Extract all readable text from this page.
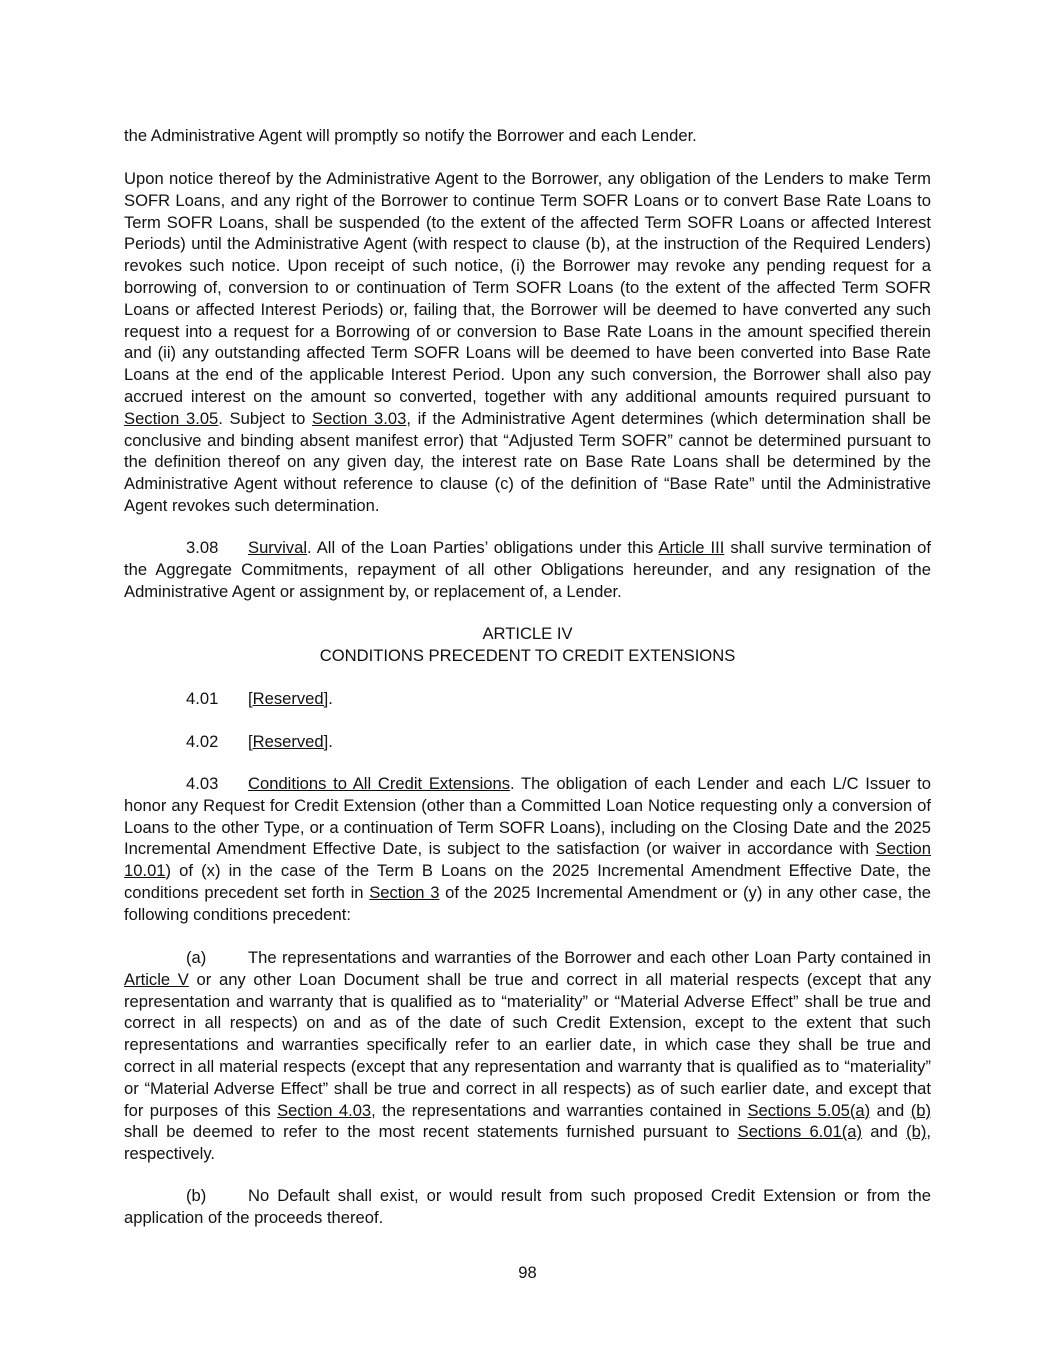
the Administrative Agent will promptly so notify the Borrower and each Lender.

Upon notice thereof by the Administrative Agent to the Borrower, any obligation of the Lenders to make Term SOFR Loans, and any right of the Borrower to continue Term SOFR Loans or to convert Base Rate Loans to Term SOFR Loans, shall be suspended (to the extent of the affected Term SOFR Loans or affected Interest Periods) until the Administrative Agent (with respect to clause (b), at the instruction of the Required Lenders) revokes such notice. Upon receipt of such notice, (i) the Borrower may revoke any pending request for a borrowing of, conversion to or continuation of Term SOFR Loans (to the extent of the affected Term SOFR Loans or affected Interest Periods) or, failing that, the Borrower will be deemed to have converted any such request into a request for a Borrowing of or conversion to Base Rate Loans in the amount specified therein and (ii) any outstanding affected Term SOFR Loans will be deemed to have been converted into Base Rate Loans at the end of the applicable Interest Period. Upon any such conversion, the Borrower shall also pay accrued interest on the amount so converted, together with any additional amounts required pursuant to Section 3.05. Subject to Section 3.03, if the Administrative Agent determines (which determination shall be conclusive and binding absent manifest error) that “Adjusted Term SOFR” cannot be determined pursuant to the definition thereof on any given day, the interest rate on Base Rate Loans shall be determined by the Administrative Agent without reference to clause (c) of the definition of “Base Rate” until the Administrative Agent revokes such determination.

3.08 Survival. All of the Loan Parties’ obligations under this Article III shall survive termination of the Aggregate Commitments, repayment of all other Obligations hereunder, and any resignation of the Administrative Agent or assignment by, or replacement of, a Lender.

ARTICLE IV

CONDITIONS PRECEDENT TO CREDIT EXTENSIONS

4.01 [Reserved].

4.02 [Reserved].

4.03 Conditions to All Credit Extensions. The obligation of each Lender and each L/C Issuer to honor any Request for Credit Extension (other than a Committed Loan Notice requesting only a conversion of Loans to the other Type, or a continuation of Term SOFR Loans), including on the Closing Date and the 2025 Incremental Amendment Effective Date, is subject to the satisfaction (or waiver in accordance with Section 10.01) of (x) in the case of the Term B Loans on the 2025 Incremental Amendment Effective Date, the conditions precedent set forth in Section 3 of the 2025 Incremental Amendment or (y) in any other case, the following conditions precedent:

(a)	The representations and warranties of the Borrower and each other Loan Party contained in Article V or any other Loan Document shall be true and correct in all material respects (except that any representation and warranty that is qualified as to “materiality” or “Material Adverse Effect” shall be true and correct in all respects) on and as of the date of such Credit Extension, except to the extent that such representations and warranties specifically refer to an earlier date, in which case they shall be true and correct in all material respects (except that any representation and warranty that is qualified as to “materiality” or “Material Adverse Effect” shall be true and correct in all respects) as of such earlier date, and except that for purposes of this Section 4.03, the representations and warranties contained in Sections 5.05(a) and (b) shall be deemed to refer to the most recent statements furnished pursuant to Sections 6.01(a) and (b), respectively.

(b)	No Default shall exist, or would result from such proposed Credit Extension or from the application of the proceeds thereof.

98
